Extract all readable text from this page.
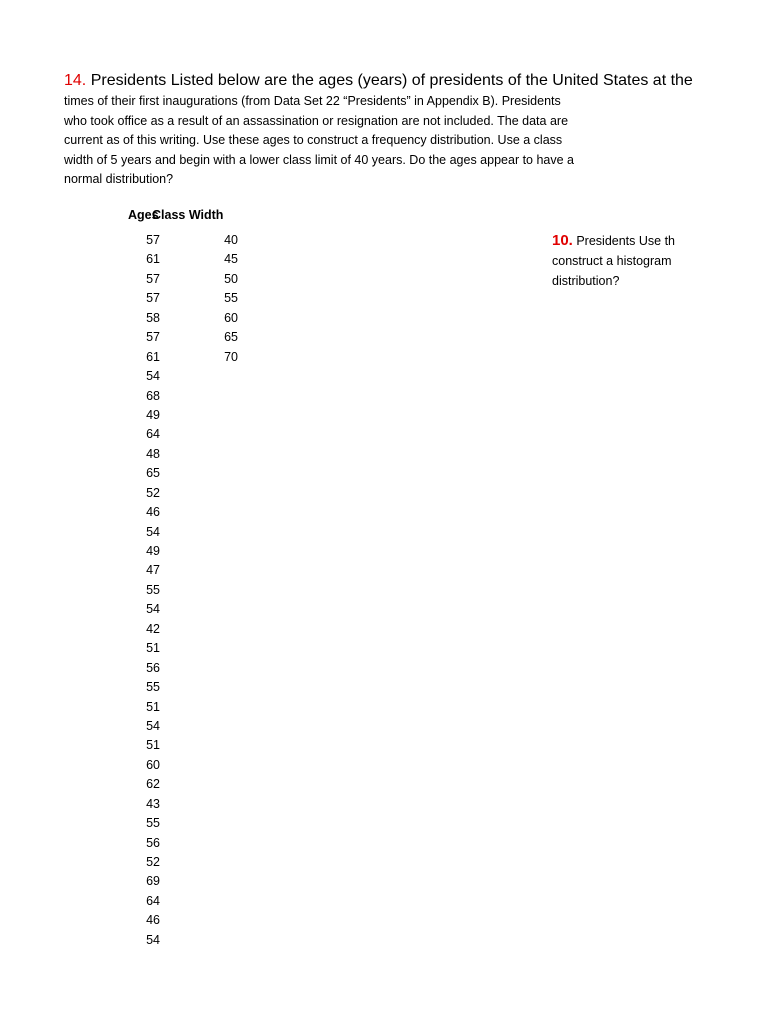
14. Presidents Listed below are the ages (years) of presidents of the United States at the
times of their first inaugurations (from Data Set 22 “Presidents” in Appendix B). Presidents
who took office as a result of an assassination or resignation are not included. The data are
current as of this writing. Use these ages to construct a frequency distribution. Use a class
width of 5 years and begin with a lower class limit of 40 years. Do the ages appear to have a
normal distribution?
Ages
Class Width
57
61
57
57
58
57
61
54
68
49
64
48
65
52
46
54
49
47
55
54
42
51
56
55
51
54
51
60
62
43
55
56
52
69
64
46
54
40
45
50
55
60
65
70
10. Presidents Use th
construct a histogram
distribution?
